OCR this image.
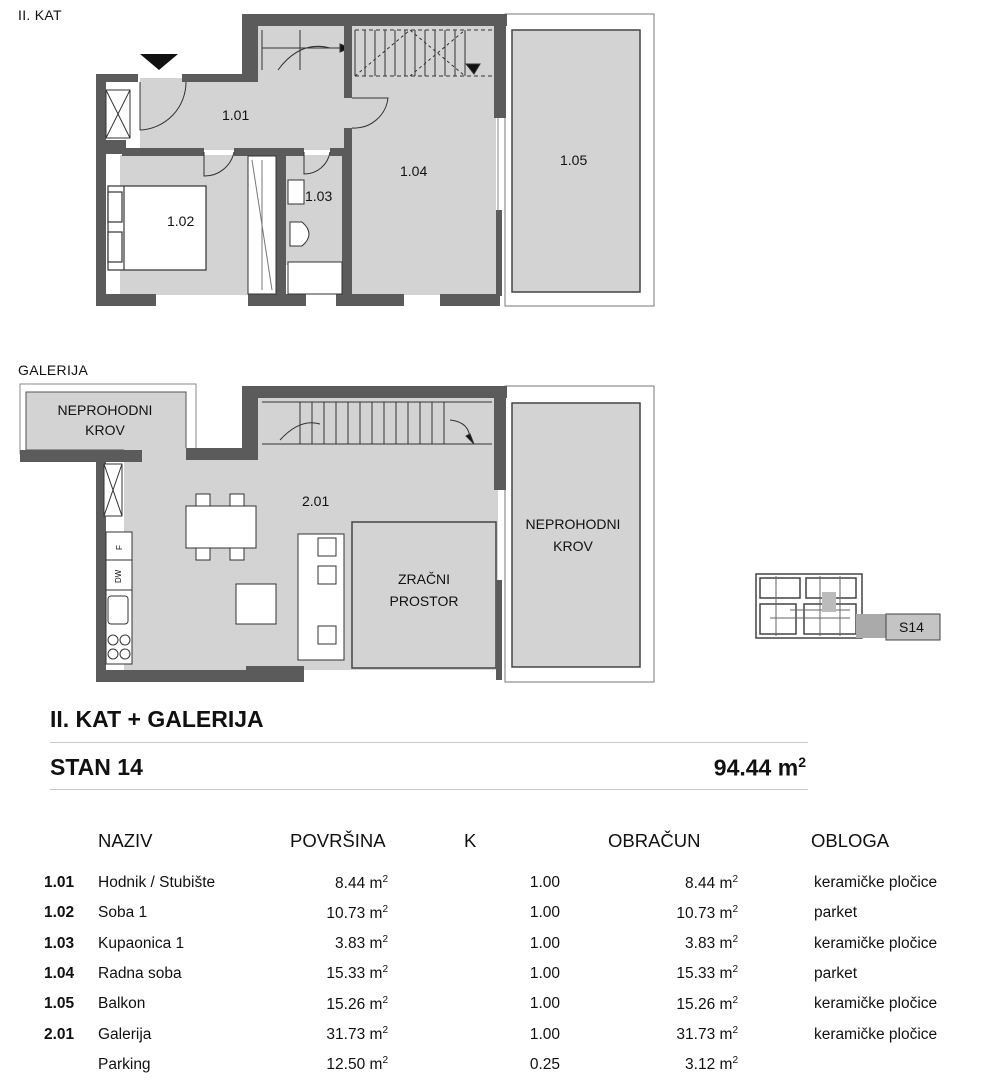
1.01
1.02
1.03
1.04
1.05
F
DW
2.01
NEPROHODNI
KROV
ZRAČNI
PROSTOR
NEPROHODNI
KROV
S14
II. KAT
GALERIJA
II. KAT + GALERIJA
STAN 14	94.44 $m^2$
	NAZIV	POVRŠINA	K	OBRAČUN	OBLOGA
1.01	Hodnik / Stubište	8.44 $m^2$	1.00	8.44 $m^2$	keramičke pločice
1.02	Soba 1	10.73 $m^2$	1.00	10.73 $m^2$	parket
1.03	Kupaonica 1	3.83 $m^2$	1.00	3.83 $m^2$	keramičke pločice
1.04	Radna soba	15.33 $m^2$	1.00	15.33 $m^2$	parket
1.05	Balkon	15.26 $m^2$	1.00	15.26 $m^2$	keramičke pločice
2.01	Galerija	31.73 $m^2$	1.00	31.73 $m^2$	keramičke pločice
	Parking	12.50 $m^2$	0.25	3.12 $m^2$	
